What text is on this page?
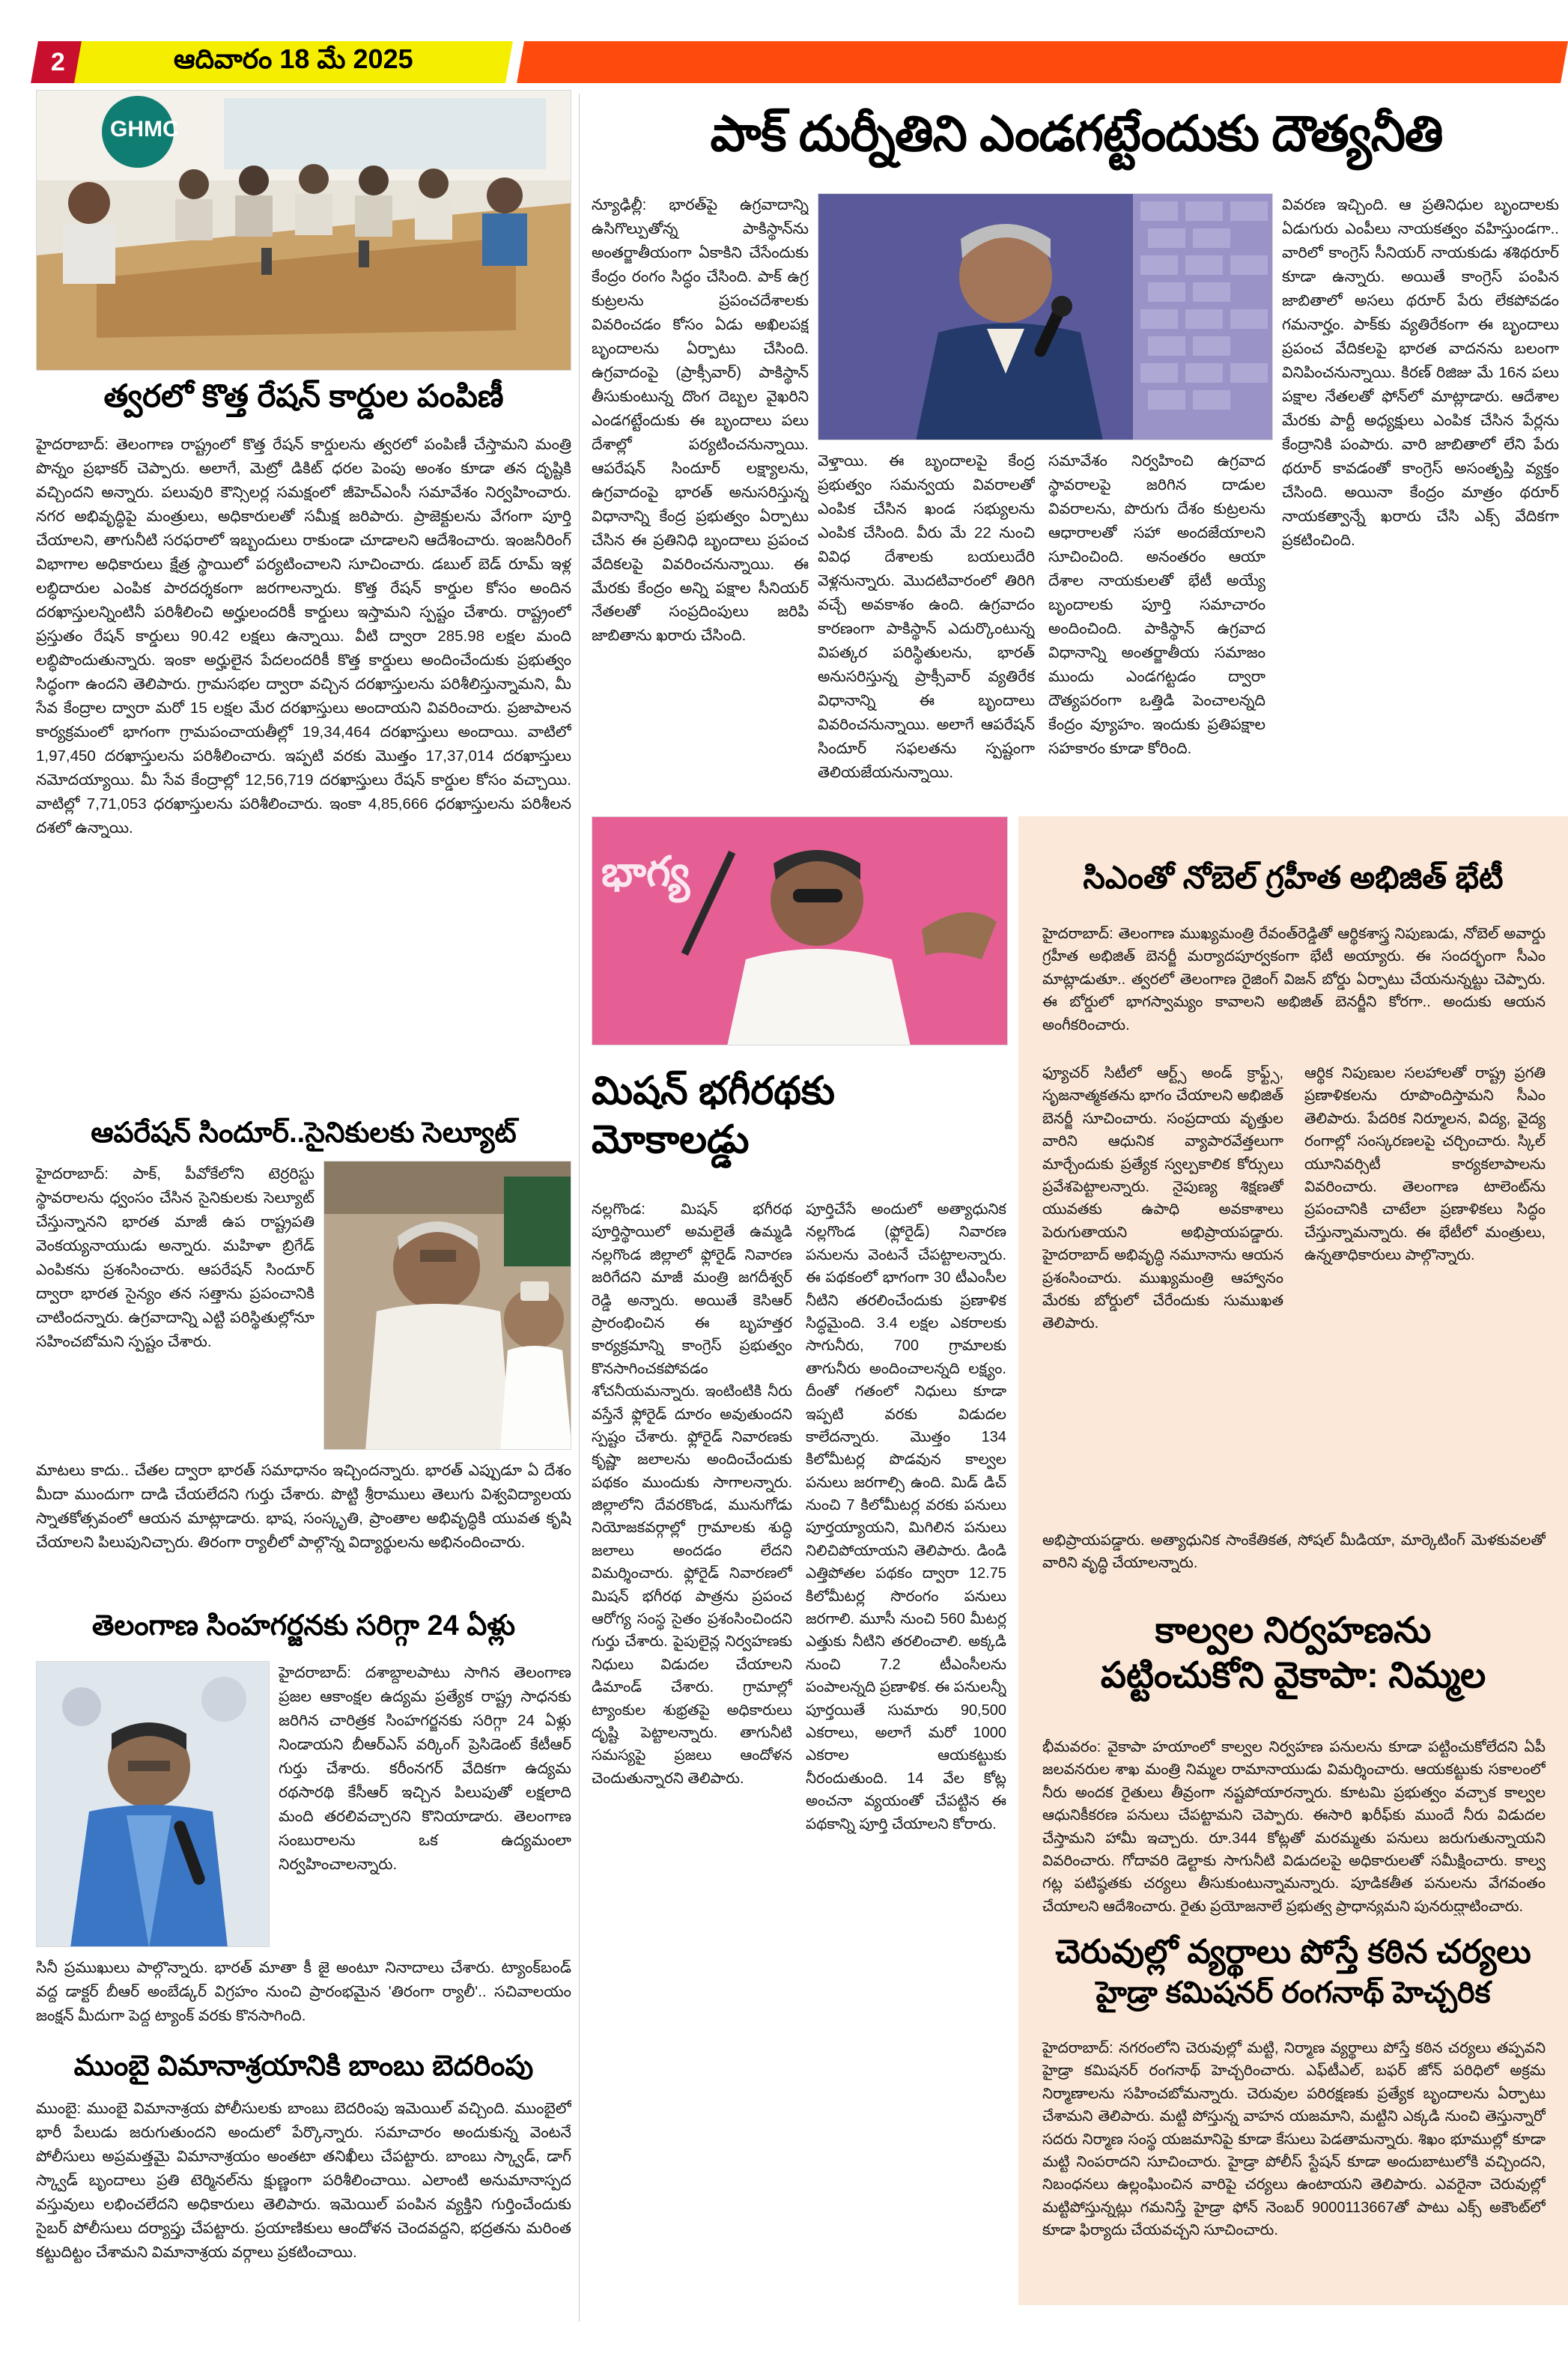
2	ఆదివారం 18 మే 2025
GHMC
త్వరలో కొత్త రేషన్ కార్డుల పంపిణీ
హైదరాబాద్: తెలంగాణ రాష్ట్రంలో కొత్త రేషన్ కార్డులను త్వరలో పంపిణీ చేస్తామని మంత్రి పొన్నం ప్రభాకర్ చెప్పారు. అలాగే, మెట్రో డికిట్ ధరల పెంపు అంశం కూడా తన దృష్టికి వచ్చిందని అన్నారు. పలువురి కౌన్సిలర్ల సమక్షంలో జీహెచ్ఎంసీ సమావేశం నిర్వహించారు. నగర అభివృద్ధిపై మంత్రులు, అధికారులతో సమీక్ష జరిపారు. ప్రాజెక్టులను వేగంగా పూర్తి చేయాలని, తాగునీటి సరఫరాలో ఇబ్బందులు రాకుండా చూడాలని ఆదేశించారు. ఇంజనీరింగ్ విభాగాల అధికారులు క్షేత్ర స్థాయిలో పర్యటించాలని సూచించారు. డబుల్ బెడ్ రూమ్ ఇళ్ల లబ్ధిదారుల ఎంపిక పారదర్శకంగా జరగాలన్నారు. కొత్త రేషన్ కార్డుల కోసం అందిన దరఖాస్తులన్నింటినీ పరిశీలించి అర్హులందరికీ కార్డులు ఇస్తామని స్పష్టం చేశారు. రాష్ట్రంలో ప్రస్తుతం రేషన్ కార్డులు 90.42 లక్షలు ఉన్నాయి. వీటి ద్వారా 285.98 లక్షల మంది లబ్ధిపొందుతున్నారు. ఇంకా అర్హులైన పేదలందరికీ కొత్త కార్డులు అందించేందుకు ప్రభుత్వం సిద్ధంగా ఉందని తెలిపారు. గ్రామసభల ద్వారా వచ్చిన దరఖాస్తులను పరిశీలిస్తున్నామని, మీ సేవ కేంద్రాల ద్వారా మరో 15 లక్షల మేర దరఖాస్తులు అందాయని వివరించారు. ప్రజాపాలన కార్యక్రమంలో భాగంగా గ్రామపంచాయతీల్లో 19,34,464 దరఖాస్తులు అందాయి. వాటిలో 1,97,450 దరఖాస్తులను పరిశీలించారు. ఇప్పటి వరకు మొత్తం 17,37,014 దరఖాస్తులు నమోదయ్యాయి. మీ సేవ కేంద్రాల్లో 12,56,719 దరఖాస్తులు రేషన్ కార్డుల కోసం వచ్చాయి. వాటిల్లో 7,71,053 ధరఖాస్తులను పరిశీలించారు. ఇంకా 4,85,666 ధరఖాస్తులను పరిశీలన దశలో ఉన్నాయి.
ఆపరేషన్ సిందూర్..సైనికులకు సెల్యూట్
హైదరాబాద్: పాక్, పీవోకేలోని టెర్రరిస్టు స్థావరాలను ధ్వంసం చేసిన సైనికులకు సెల్యూట్ చేస్తున్నానని భారత మాజీ ఉప రాష్ట్రపతి వెంకయ్యనాయుడు అన్నారు. మహిళా బ్రిగేడ్ ఎంపికను ప్రశంసించారు. ఆపరేషన్ సిందూర్ ద్వారా భారత సైన్యం తన సత్తాను ప్రపంచానికి చాటిందన్నారు. ఉగ్రవాదాన్ని ఎట్టి పరిస్థితుల్లోనూ సహించబోమని స్పష్టం చేశారు.
మాటలు కాదు.. చేతల ద్వారా భారత్ సమాధానం ఇచ్చిందన్నారు. భారత్ ఎప్పుడూ ఏ దేశం మీదా ముందుగా దాడి చేయలేదని గుర్తు చేశారు. పొట్టి శ్రీరాములు తెలుగు విశ్వవిద్యాలయ స్నాతకోత్సవంలో ఆయన మాట్లాడారు. భాష, సంస్కృతి, ప్రాంతాల అభివృద్ధికి యువత కృషి చేయాలని పిలుపునిచ్చారు. తిరంగా ర్యాలీలో పాల్గొన్న విద్యార్థులను అభినందించారు.
తెలంగాణ సింహగర్జనకు సరిగ్గా 24 ఏళ్లు
హైదరాబాద్: దశాబ్దాలపాటు సాగిన తెలంగాణ ప్రజల ఆకాంక్షల ఉద్యమ ప్రత్యేక రాష్ట్ర సాధనకు జరిగిన చారిత్రక సింహగర్జనకు సరిగ్గా 24 ఏళ్లు నిండాయని బీఆర్ఎస్ వర్కింగ్ ప్రెసిడెంట్ కేటీఆర్ గుర్తు చేశారు. కరీంనగర్ వేదికగా ఉద్యమ రథసారథి కేసీఆర్ ఇచ్చిన పిలుపుతో లక్షలాది మంది తరలివచ్చారని కొనియాడారు. తెలంగాణ సంబురాలను ఒక ఉద్యమంలా నిర్వహించాలన్నారు.
సినీ ప్రముఖులు పాల్గొన్నారు. భారత్ మాతా కీ జై అంటూ నినాదాలు చేశారు. ట్యాంక్‌బండ్ వద్ద డాక్టర్ బీఆర్ అంబేడ్కర్ విగ్రహం నుంచి ప్రారంభమైన 'తిరంగా ర్యాలీ'.. సచివాలయం జంక్షన్ మీదుగా పెద్ద ట్యాంక్ వరకు కొనసాగింది.
ముంబై విమానాశ్రయానికి బాంబు బెదరింపు
ముంబై: ముంబై విమానాశ్రయ పోలీసులకు బాంబు బెదరింపు ఇమెయిల్ వచ్చింది. ముంబైలో భారీ పేలుడు జరుగుతుందని అందులో పేర్కొన్నారు. సమాచారం అందుకున్న వెంటనే పోలీసులు అప్రమత్తమై విమానాశ్రయం అంతటా తనిఖీలు చేపట్టారు. బాంబు స్క్వాడ్, డాగ్ స్క్వాడ్ బృందాలు ప్రతి టెర్మినల్‌ను క్షుణ్ణంగా పరిశీలించాయి. ఎలాంటి అనుమానాస్పద వస్తువులు లభించలేదని అధికారులు తెలిపారు. ఇమెయిల్ పంపిన వ్యక్తిని గుర్తించేందుకు సైబర్ పోలీసులు దర్యాప్తు చేపట్టారు. ప్రయాణికులు ఆందోళన చెందవద్దని, భద్రతను మరింత కట్టుదిట్టం చేశామని విమానాశ్రయ వర్గాలు ప్రకటించాయి.
పాక్ దుర్నీతిని ఎండగట్టేందుకు దౌత్యనీతి
న్యూఢిల్లీ: భారత్‌పై ఉగ్రవాదాన్ని ఉసిగొల్పుతోన్న పాకిస్థాన్‌ను అంతర్జాతీయంగా ఏకాకిని చేసేందుకు కేంద్రం రంగం సిద్ధం చేసింది. పాక్ ఉగ్ర కుట్రలను ప్రపంచదేశాలకు వివరించడం కోసం ఏడు అఖిలపక్ష బృందాలను ఏర్పాటు చేసింది. ఉగ్రవాదంపై (ప్రాక్సీవార్) పాకిస్థాన్ తీసుకుంటున్న దొంగ దెబ్బల వైఖరిని ఎండగట్టేందుకు ఈ బృందాలు పలు దేశాల్లో పర్యటించనున్నాయి. ఆపరేషన్ సిందూర్ లక్ష్యాలను, ఉగ్రవాదంపై భారత్ అనుసరిస్తున్న విధానాన్ని కేంద్ర ప్రభుత్వం ఏర్పాటు చేసిన ఈ ప్రతినిధి బృందాలు ప్రపంచ వేదికలపై వివరించనున్నాయి. ఈ మేరకు కేంద్రం అన్ని పక్షాల సీనియర్ నేతలతో సంప్రదింపులు జరిపి జాబితాను ఖరారు చేసింది.
వెళ్తాయి. ఈ బృందాలపై కేంద్ర ప్రభుత్వం సమన్వయ వివరాలతో ఎంపిక చేసిన ఖండ సభ్యులను ఎంపిక చేసింది. వీరు మే 22 నుంచి వివిధ దేశాలకు బయలుదేరి వెళ్లనున్నారు. మొదటివారంలో తిరిగి వచ్చే అవకాశం ఉంది. ఉగ్రవాదం కారణంగా పాకిస్థాన్ ఎదుర్కొంటున్న విపత్కర పరిస్థితులను, భారత్ అనుసరిస్తున్న ప్రాక్సీవార్ వ్యతిరేక విధానాన్ని ఈ బృందాలు వివరించనున్నాయి. అలాగే ఆపరేషన్ సిందూర్ సఫలతను స్పష్టంగా తెలియజేయనున్నాయి.
సమావేశం నిర్వహించి ఉగ్రవాద స్థావరాలపై జరిగిన దాడుల వివరాలను, పొరుగు దేశం కుట్రలను ఆధారాలతో సహా అందజేయాలని సూచించింది. అనంతరం ఆయా దేశాల నాయకులతో భేటీ అయ్యే బృందాలకు పూర్తి సమాచారం అందించింది. పాకిస్థాన్ ఉగ్రవాద విధానాన్ని అంతర్జాతీయ సమాజం ముందు ఎండగట్టడం ద్వారా దౌత్యపరంగా ఒత్తిడి పెంచాలన్నది కేంద్రం వ్యూహం. ఇందుకు ప్రతిపక్షాల సహకారం కూడా కోరింది.
వివరణ ఇచ్చింది. ఆ ప్రతినిధుల బృందాలకు ఏడుగురు ఎంపీలు నాయకత్వం వహిస్తుండగా.. వారిలో కాంగ్రెస్ సీనియర్ నాయకుడు శశిథరూర్ కూడా ఉన్నారు. అయితే కాంగ్రెస్ పంపిన జాబితాలో అసలు థరూర్ పేరు లేకపోవడం గమనార్హం. పాక్‌కు వ్యతిరేకంగా ఈ బృందాలు ప్రపంచ వేదికలపై భారత వాదనను బలంగా వినిపించనున్నాయి. కిరణ్ రిజిజు మే 16న పలు పక్షాల నేతలతో ఫోన్‌లో మాట్లాడారు. ఆదేశాల మేరకు పార్టీ అధ్యక్షులు ఎంపిక చేసిన పేర్లను కేంద్రానికి పంపారు. వారి జాబితాలో లేని పేరు థరూర్ కావడంతో కాంగ్రెస్ అసంతృప్తి వ్యక్తం చేసింది. అయినా కేంద్రం మాత్రం థరూర్ నాయకత్వాన్నే ఖరారు చేసి ఎక్స్ వేదికగా ప్రకటించింది.
భాగ్య
మిషన్ భగీరథకు
మోకాలడ్డు
నల్లగొండ: మిషన్ భగీరథ పూర్తిస్థాయిలో అమలైతే ఉమ్మడి నల్లగొండ జిల్లాలో ఫ్లోరైడ్ నివారణ జరిగేదని మాజీ మంత్రి జగదీశ్వర్ రెడ్డి అన్నారు. అయితే కెసిఆర్ ప్రారంభించిన ఈ బృహత్తర కార్యక్రమాన్ని కాంగ్రెస్ ప్రభుత్వం కొనసాగించకపోవడం శోచనీయమన్నారు. ఇంటింటికి నీరు వస్తేనే ఫ్లోరైడ్ దూరం అవుతుందని స్పష్టం చేశారు. ఫ్లోరైడ్ నివారణకు కృష్ణా జలాలను అందించేందుకు పథకం ముందుకు సాగాలన్నారు. జిల్లాలోని దేవరకొండ, మునుగోడు నియోజకవర్గాల్లో గ్రామాలకు శుద్ధి జలాలు అందడం లేదని విమర్శించారు. ఫ్లోరైడ్ నివారణలో మిషన్ భగీరథ పాత్రను ప్రపంచ ఆరోగ్య సంస్థ సైతం ప్రశంసించిందని గుర్తు చేశారు. పైపులైన్ల నిర్వహణకు నిధులు విడుదల చేయాలని డిమాండ్ చేశారు. గ్రామాల్లో ట్యాంకుల శుభ్రతపై అధికారులు దృష్టి పెట్టాలన్నారు. తాగునీటి సమస్యపై ప్రజలు ఆందోళన చెందుతున్నారని తెలిపారు.
పూర్తిచేసే అందులో అత్యాధునిక నల్లగొండ (ఫ్లోరైడ్) నివారణ పనులను వెంటనే చేపట్టాలన్నారు. ఈ పథకంలో భాగంగా 30 టీఎంసీల నీటిని తరలించేందుకు ప్రణాళిక సిద్ధమైంది. 3.4 లక్షల ఎకరాలకు సాగునీరు, 700 గ్రామాలకు తాగునీరు అందించాలన్నది లక్ష్యం. దీంతో గతంలో నిధులు కూడా ఇప్పటి వరకు విడుదల కాలేదన్నారు. మొత్తం 134 కిలోమీటర్ల పొడవున కాల్వల పనులు జరగాల్సి ఉంది. మిడ్ డిచ్ నుంచి 7 కిలోమీటర్ల వరకు పనులు పూర్తయ్యాయని, మిగిలిన పనులు నిలిచిపోయాయని తెలిపారు. డిండి ఎత్తిపోతల పథకం ద్వారా 12.75 కిలోమీటర్ల సొరంగం పనులు జరగాలి. మూసీ నుంచి 560 మీటర్ల ఎత్తుకు నీటిని తరలించాలి. అక్కడి నుంచి 7.2 టీఎంసీలను పంపాలన్నది ప్రణాళిక. ఈ పనులన్నీ పూర్తయితే సుమారు 90,500 ఎకరాలు, అలాగే మరో 1000 ఎకరాల ఆయకట్టుకు నీరందుతుంది. 14 వేల కోట్ల అంచనా వ్యయంతో చేపట్టిన ఈ పథకాన్ని పూర్తి చేయాలని కోరారు.
సిఎంతో నోబెల్ గ్రహీత అభిజిత్ భేటీ
హైదరాబాద్: తెలంగాణ ముఖ్యమంత్రి రేవంత్‌రెడ్డితో ఆర్థికశాస్త్ర నిపుణుడు, నోబెల్ అవార్డు గ్రహీత అభిజిత్ బెనర్జీ మర్యాదపూర్వకంగా భేటీ అయ్యారు. ఈ సందర్భంగా సీఎం మాట్లాడుతూ.. త్వరలో తెలంగాణ రైజింగ్ విజన్ బోర్డు ఏర్పాటు చేయనున్నట్టు చెప్పారు. ఈ బోర్డులో భాగస్వామ్యం కావాలని అభిజిత్ బెనర్జీని కోరగా.. అందుకు ఆయన అంగీకరించారు.
ఫ్యూచర్ సిటీలో ఆర్ట్స్ అండ్ క్రాఫ్ట్స్, సృజనాత్మకతను భాగం చేయాలని అభిజిత్ బెనర్జీ సూచించారు. సంప్రదాయ వృత్తుల వారిని ఆధునిక వ్యాపారవేత్తలుగా మార్చేందుకు ప్రత్యేక స్వల్పకాలిక కోర్సులు ప్రవేశపెట్టాలన్నారు. నైపుణ్య శిక్షణతో యువతకు ఉపాధి అవకాశాలు పెరుగుతాయని అభిప్రాయపడ్డారు. హైదరాబాద్ అభివృద్ధి నమూనాను ఆయన ప్రశంసించారు. ముఖ్యమంత్రి ఆహ్వానం మేరకు బోర్డులో చేరేందుకు సుముఖత తెలిపారు.
ఆర్థిక నిపుణుల సలహాలతో రాష్ట్ర ప్రగతి ప్రణాళికలను రూపొందిస్తామని సీఎం తెలిపారు. పేదరిక నిర్మూలన, విద్య, వైద్య రంగాల్లో సంస్కరణలపై చర్చించారు. స్కిల్ యూనివర్సిటీ కార్యకలాపాలను వివరించారు. తెలంగాణ టాలెంట్‌ను ప్రపంచానికి చాటేలా ప్రణాళికలు సిద్ధం చేస్తున్నామన్నారు. ఈ భేటీలో మంత్రులు, ఉన్నతాధికారులు పాల్గొన్నారు.
అభిప్రాయపడ్డారు. అత్యాధునిక సాంకేతికత, సోషల్ మీడియా, మార్కెటింగ్ మెళకువలతో వారిని వృద్ధి చేయాలన్నారు.
కాల్వల నిర్వహణను
పట్టించుకోని వైకాపా: నిమ్మల
భీమవరం: వైకాపా హయాంలో కాల్వల నిర్వహణ పనులను కూడా పట్టించుకోలేదని ఏపీ జలవనరుల శాఖ మంత్రి నిమ్మల రామానాయుడు విమర్శించారు. ఆయకట్టుకు సకాలంలో నీరు అందక రైతులు తీవ్రంగా నష్టపోయారన్నారు. కూటమి ప్రభుత్వం వచ్చాక కాల్వల ఆధునికీకరణ పనులు చేపట్టామని చెప్పారు. ఈసారి ఖరీఫ్‌కు ముందే నీరు విడుదల చేస్తామని హామీ ఇచ్చారు. రూ.344 కోట్లతో మరమ్మతు పనులు జరుగుతున్నాయని వివరించారు. గోదావరి డెల్టాకు సాగునీటి విడుదలపై అధికారులతో సమీక్షించారు. కాల్వ గట్ల పటిష్ఠతకు చర్యలు తీసుకుంటున్నామన్నారు. పూడికతీత పనులను వేగవంతం చేయాలని ఆదేశించారు. రైతు ప్రయోజనాలే ప్రభుత్వ ప్రాధాన్యమని పునరుద్ఘాటించారు.
చెరువుల్లో వ్యర్థాలు పోస్తే కఠిన చర్యలు
హైడ్రా కమిషనర్ రంగనాథ్ హెచ్చరిక
హైదరాబాద్: నగరంలోని చెరువుల్లో మట్టి, నిర్మాణ వ్యర్థాలు పోస్తే కఠిన చర్యలు తప్పవని హైడ్రా కమిషనర్ రంగనాథ్ హెచ్చరించారు. ఎఫ్‌టీఎల్, బఫర్ జోన్ పరిధిలో అక్రమ నిర్మాణాలను సహించబోమన్నారు. చెరువుల పరిరక్షణకు ప్రత్యేక బృందాలను ఏర్పాటు చేశామని తెలిపారు. మట్టి పోస్తున్న వాహన యజమాని, మట్టిని ఎక్కడి నుంచి తెస్తున్నారో సదరు నిర్మాణ సంస్థ యజమానిపై కూడా కేసులు పెడతామన్నారు. శిఖం భూముల్లో కూడా మట్టి నింపరాదని సూచించారు. హైడ్రా పోలీస్ స్టేషన్ కూడా అందుబాటులోకి వచ్చిందని, నిబంధనలు ఉల్లంఘించిన వారిపై చర్యలు ఉంటాయని తెలిపారు. ఎవరైనా చెరువుల్లో మట్టిపోస్తున్నట్లు గమనిస్తే హైడ్రా ఫోన్ నెంబర్ 9000113667తో పాటు ఎక్స్ అకౌంట్‌లో కూడా ఫిర్యాదు చేయవచ్చని సూచించారు.
